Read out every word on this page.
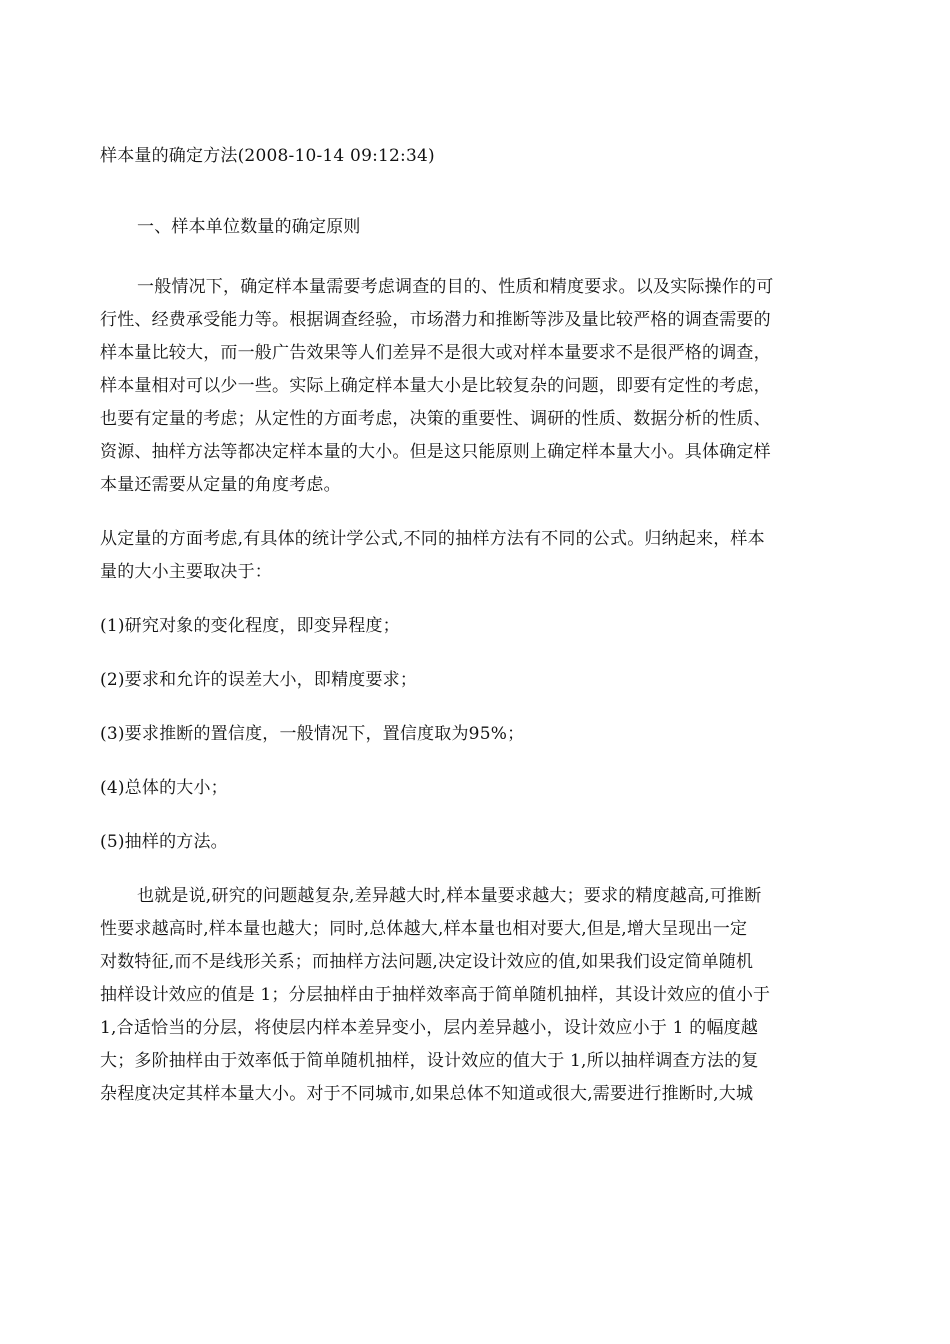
样本量的确定方法(2008-10-14 09:12:34)
一、样本单位数量的确定原则
一般情况下，确定样本量需要考虑调查的目的、性质和精度要求。以及实际操作的可
行性、经费承受能力等。根据调查经验，市场潜力和推断等涉及量比较严格的调查需要的
样本量比较大，而一般广告效果等人们差异不是很大或对样本量要求不是很严格的调查，
样本量相对可以少一些。实际上确定样本量大小是比较复杂的问题，即要有定性的考虑，
也要有定量的考虑；从定性的方面考虑，决策的重要性、调研的性质、数据分析的性质、
资源、抽样方法等都决定样本量的大小。但是这只能原则上确定样本量大小。具体确定样
本量还需要从定量的角度考虑。
从定量的方面考虑,有具体的统计学公式,不同的抽样方法有不同的公式。归纳起来，样本
量的大小主要取决于：
(1)研究对象的变化程度，即变异程度；
(2)要求和允许的误差大小，即精度要求；
(3)要求推断的置信度，一般情况下，置信度取为95%；
(4)总体的大小；
(5)抽样的方法。
也就是说,研究的问题越复杂,差异越大时,样本量要求越大；要求的精度越高,可推断
性要求越高时,样本量也越大；同时,总体越大,样本量也相对要大,但是,增大呈现出一定
对数特征,而不是线形关系；而抽样方法问题,决定设计效应的值,如果我们设定简单随机
抽样设计效应的值是 1；分层抽样由于抽样效率高于简单随机抽样，其设计效应的值小于
1,合适恰当的分层，将使层内样本差异变小，层内差异越小，设计效应小于 1 的幅度越
大；多阶抽样由于效率低于简单随机抽样，设计效应的值大于 1,所以抽样调查方法的复
杂程度决定其样本量大小。对于不同城市,如果总体不知道或很大,需要进行推断时,大城
